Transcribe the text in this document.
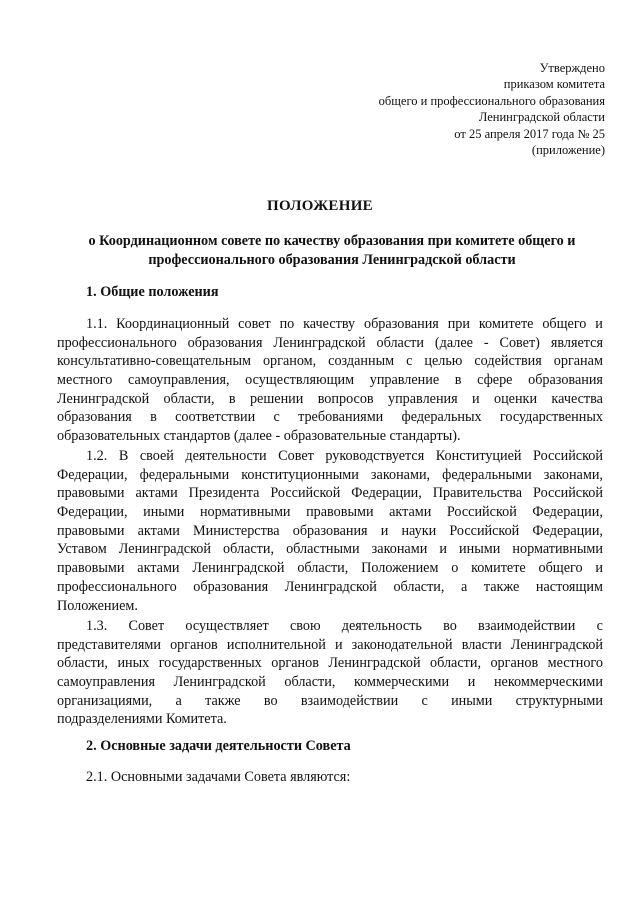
Утверждено
приказом комитета
общего и профессионального образования
Ленинградской области
от 25 апреля 2017 года № 25
(приложение)
ПОЛОЖЕНИЕ
о Координационном совете по качеству образования при комитете общего и
профессионального образования Ленинградской области
1. Общие положения
1.1. Координационный совет по качеству образования при комитете общего и
профессионального образования Ленинградской области (далее - Совет) является
консультативно-совещательным органом, созданным с целью содействия органам
местного самоуправления, осуществляющим управление в сфере образования
Ленинградской области, в решении вопросов управления и оценки качества
образования в соответствии с требованиями федеральных государственных
образовательных стандартов (далее - образовательные стандарты).
1.2. В своей деятельности Совет руководствуется Конституцией Российской
Федерации, федеральными конституционными законами, федеральными законами,
правовыми актами Президента Российской Федерации, Правительства Российской
Федерации, иными нормативными правовыми актами Российской Федерации,
правовыми актами Министерства образования и науки Российской Федерации,
Уставом Ленинградской области, областными законами и иными нормативными
правовыми актами Ленинградской области, Положением о комитете общего и
профессионального образования Ленинградской области, а также настоящим
Положением.
1.3. Совет осуществляет свою деятельность во взаимодействии с
представителями органов исполнительной и законодательной власти Ленинградской
области, иных государственных органов Ленинградской области, органов местного
самоуправления Ленинградской области, коммерческими и некоммерческими
организациями, а также во взаимодействии с иными структурными
подразделениями Комитета.
2. Основные задачи деятельности Совета
2.1. Основными задачами Совета являются:
